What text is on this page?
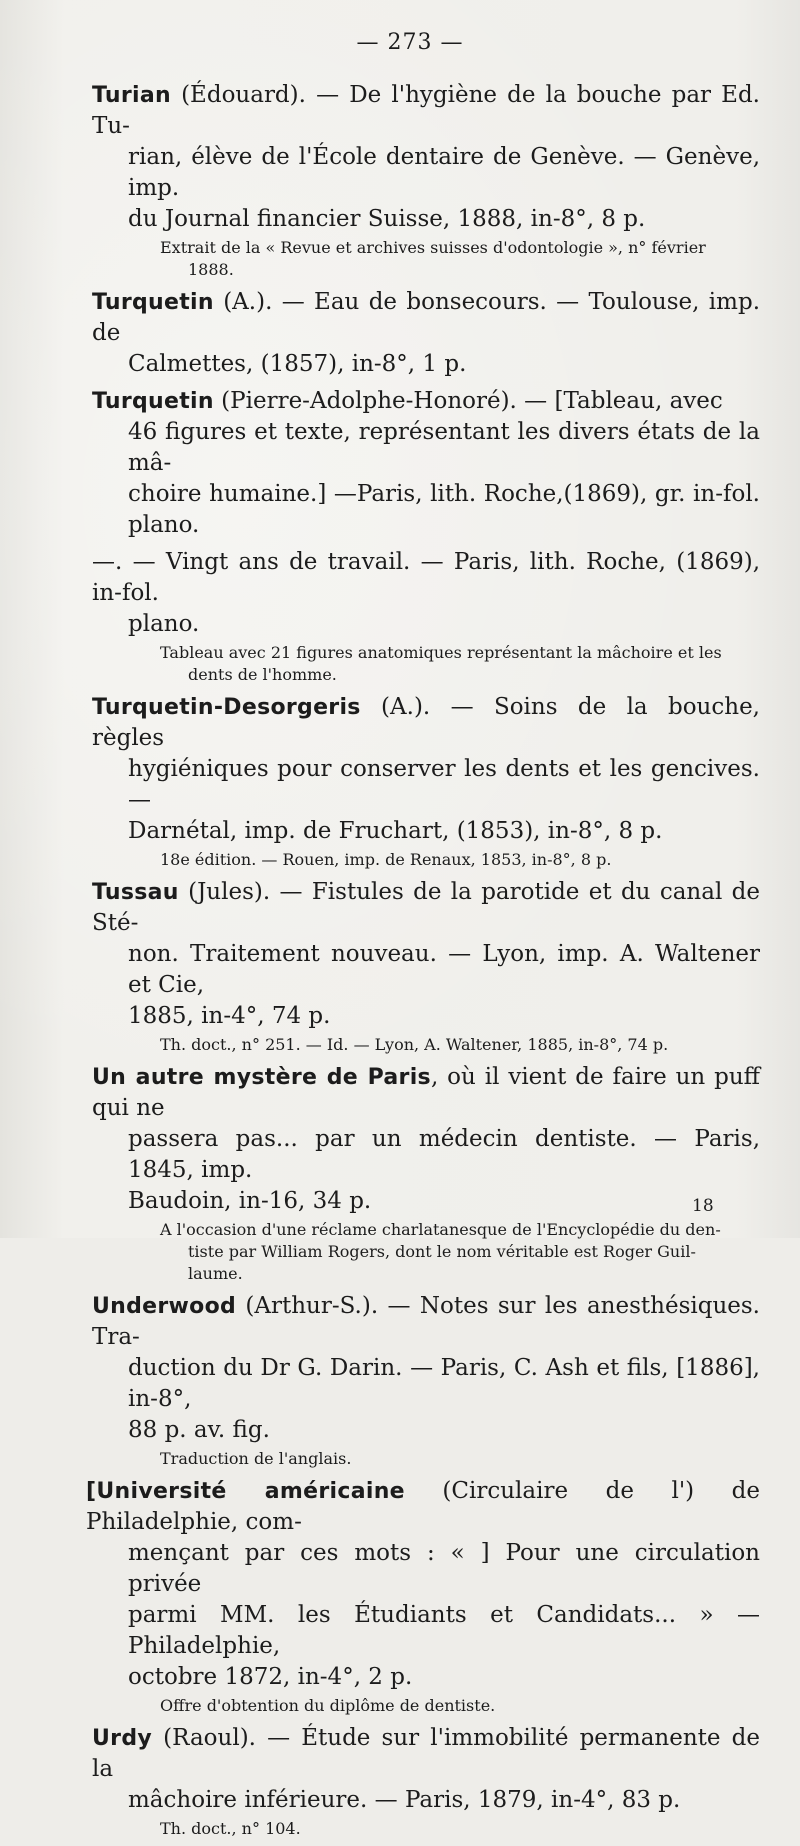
— 273 —

Turian (Édouard). — De l'hygiène de la bouche par Ed. Tu-
rian, élève de l'École dentaire de Genève. — Genève, imp.
du Journal financier Suisse, 1888, in-8°, 8 p.

Extrait de la « Revue et archives suisses d'odontologie », n° février
1888.

Turquetin (A.). — Eau de bonsecours. — Toulouse, imp. de
Calmettes, (1857), in-8°, 1 p.

Turquetin (Pierre-Adolphe-Honoré). — [Tableau, avec
46 figures et texte, représentant les divers états de la mâ-
choire humaine.] —Paris, lith. Roche,(1869), gr. in-fol. plano.

—. — Vingt ans de travail. — Paris, lith. Roche, (1869), in-fol.
plano.

Tableau avec 21 figures anatomiques représentant la mâchoire et les
dents de l'homme.

Turquetin-Desorgeris (A.). — Soins de la bouche, règles
hygiéniques pour conserver les dents et les gencives. —
Darnétal, imp. de Fruchart, (1853), in-8°, 8 p.

18e édition. — Rouen, imp. de Renaux, 1853, in-8°, 8 p.

Tussau (Jules). — Fistules de la parotide et du canal de Sté-
non. Traitement nouveau. — Lyon, imp. A. Waltener et Cie,
1885, in-4°, 74 p.

Th. doct., n° 251. — Id. — Lyon, A. Waltener, 1885, in-8°, 74 p.

Un autre mystère de Paris, où il vient de faire un puff qui ne
passera pas... par un médecin dentiste. — Paris, 1845, imp.
Baudoin, in-16, 34 p.

A l'occasion d'une réclame charlatanesque de l'Encyclopédie du den-
tiste par William Rogers, dont le nom véritable est Roger Guil-
laume.

Underwood (Arthur-S.). — Notes sur les anesthésiques. Tra-
duction du Dr G. Darin. — Paris, C. Ash et fils, [1886], in-8°,
88 p. av. fig.

Traduction de l'anglais.

[Université américaine (Circulaire de l') de Philadelphie, com-
mençant par ces mots : « ] Pour une circulation privée
parmi MM. les Étudiants et Candidats... » — Philadelphie,
octobre 1872, in-4°, 2 p.

Offre d'obtention du diplôme de dentiste.

Urdy (Raoul). — Étude sur l'immobilité permanente de la
mâchoire inférieure. — Paris, 1879, in-4°, 83 p.

Th. doct., n° 104.
18
